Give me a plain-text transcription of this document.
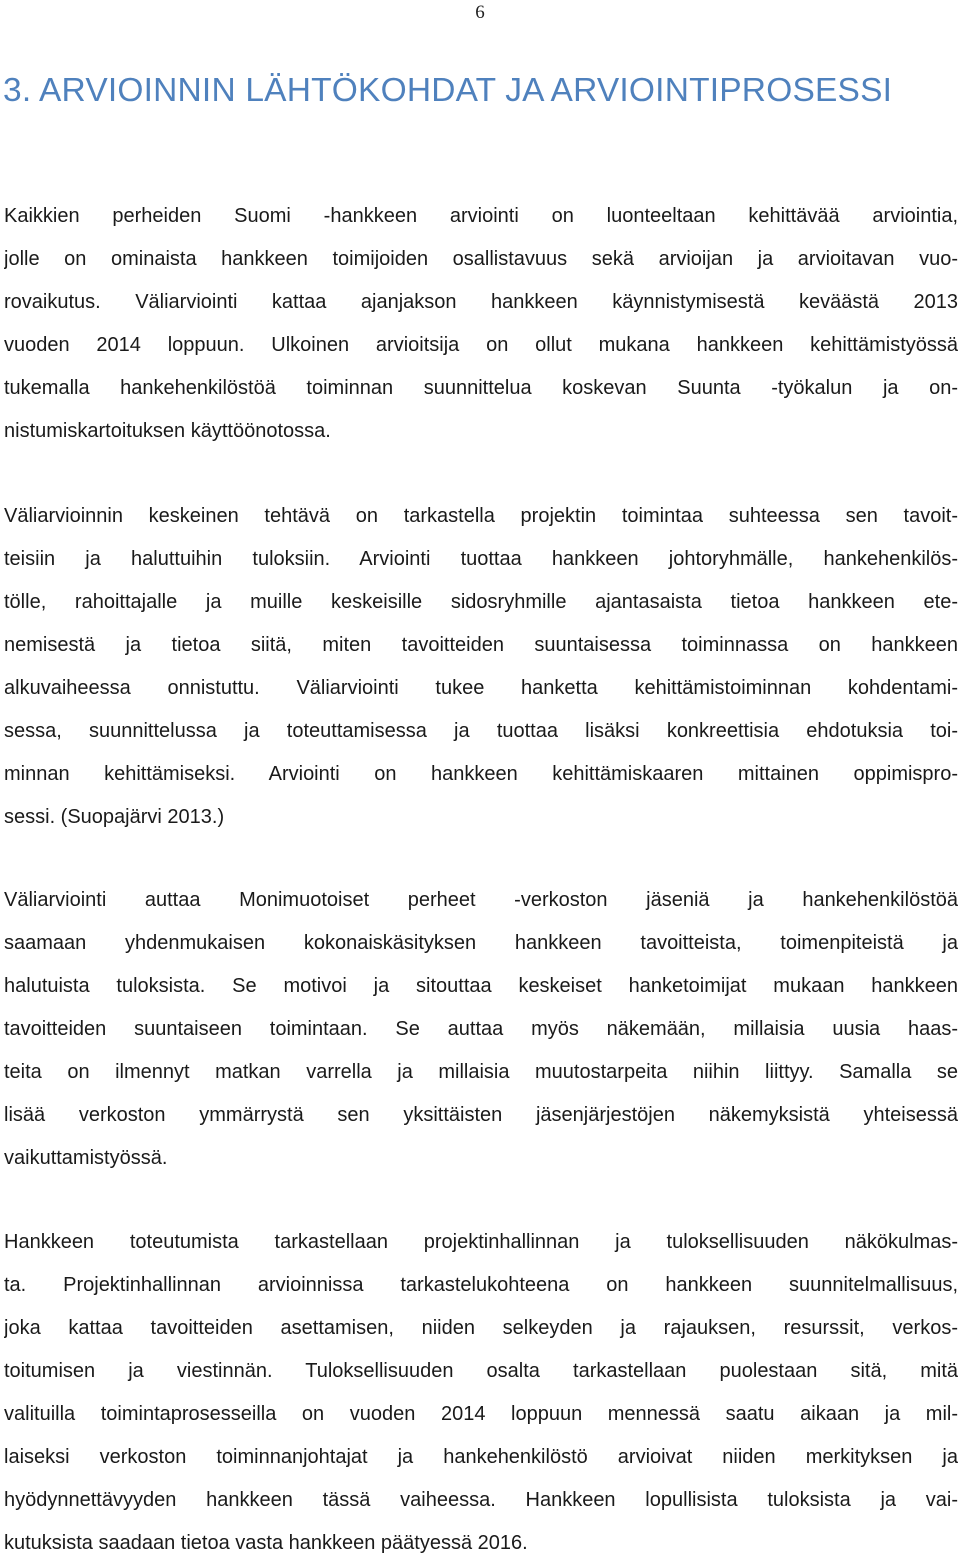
6
3. ARVIOINNIN LÄHTÖKOHDAT JA ARVIOINTIPROSESSI
Kaikkien perheiden Suomi -hankkeen arviointi on luonteeltaan kehittävää arviointia,
jolle on ominaista hankkeen toimijoiden osallistavuus sekä arvioijan ja arvioitavan vuo-
rovaikutus. Väliarviointi kattaa ajanjakson hankkeen käynnistymisestä keväästä 2013
vuoden 2014 loppuun. Ulkoinen arvioitsija on ollut mukana hankkeen kehittämistyössä
tukemalla hankehenkilöstöä toiminnan suunnittelua koskevan Suunta -työkalun ja on-
nistumiskartoituksen käyttöönotossa.
Väliarvioinnin keskeinen tehtävä on tarkastella projektin toimintaa suhteessa sen tavoit-
teisiin ja haluttuihin tuloksiin. Arviointi tuottaa hankkeen johtoryhmälle, hankehenkilös-
tölle, rahoittajalle ja muille keskeisille sidosryhmille ajantasaista tietoa hankkeen ete-
nemisestä ja tietoa siitä, miten tavoitteiden suuntaisessa toiminnassa on hankkeen
alkuvaiheessa onnistuttu. Väliarviointi tukee hanketta kehittämistoiminnan kohdentami-
sessa, suunnittelussa ja toteuttamisessa ja tuottaa lisäksi konkreettisia ehdotuksia toi-
minnan kehittämiseksi. Arviointi on hankkeen kehittämiskaaren mittainen oppimispro-
sessi. (Suopajärvi 2013.)
Väliarviointi auttaa Monimuotoiset perheet -verkoston jäseniä ja hankehenkilöstöä
saamaan yhdenmukaisen kokonaiskäsityksen hankkeen tavoitteista, toimenpiteistä ja
halutuista tuloksista. Se motivoi ja sitouttaa keskeiset hanketoimijat mukaan hankkeen
tavoitteiden suuntaiseen toimintaan. Se auttaa myös näkemään, millaisia uusia haas-
teita on ilmennyt matkan varrella ja millaisia muutostarpeita niihin liittyy. Samalla se
lisää verkoston ymmärrystä sen yksittäisten jäsenjärjestöjen näkemyksistä yhteisessä
vaikuttamistyössä.
Hankkeen toteutumista tarkastellaan projektinhallinnan ja tuloksellisuuden näkökulmas-
ta. Projektinhallinnan arvioinnissa tarkastelukohteena on hankkeen suunnitelmallisuus,
joka kattaa tavoitteiden asettamisen, niiden selkeyden ja rajauksen, resurssit, verkos-
toitumisen ja viestinnän. Tuloksellisuuden osalta tarkastellaan puolestaan sitä, mitä
valituilla toimintaprosesseilla on vuoden 2014 loppuun mennessä saatu aikaan ja mil-
laiseksi verkoston toiminnanjohtajat ja hankehenkilöstö arvioivat niiden merkityksen ja
hyödynnettävyyden hankkeen tässä vaiheessa. Hankkeen lopullisista tuloksista ja vai-
kutuksista saadaan tietoa vasta hankkeen päätyessä 2016.
